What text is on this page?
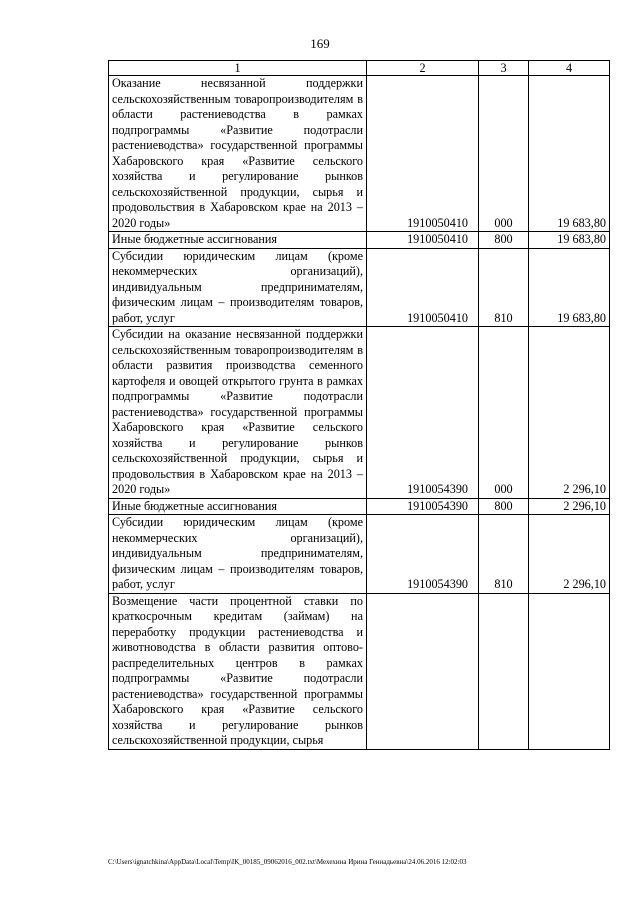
169
1	2	3	4
Оказание несвязанной поддержки сельскохозяйственным товаропроизводителям в области растениеводства в рамках подпрограммы «Развитие подотрасли растениеводства» государственной программы Хабаровского края «Развитие сельского хозяйства и регулирование рынков сельскохозяйственной продукции, сырья и продовольствия в Хабаровском крае на 2013 – 2020 годы»	1910050410	000	19 683,80
Иные бюджетные ассигнования	1910050410	800	19 683,80
Субсидии юридическим лицам (кроме некоммерческих организаций), индивидуальным предпринимателям, физическим лицам – производителям товаров, работ, услуг	1910050410	810	19 683,80
Субсидии на оказание несвязанной поддержки сельскохозяйственным товаропроизводителям в области развития производства семенного картофеля и овощей открытого грунта в рамках подпрограммы «Развитие подотрасли растениеводства» государственной программы Хабаровского края «Развитие сельского хозяйства и регулирование рынков сельскохозяйственной продукции, сырья и продовольствия в Хабаровском крае на 2013 – 2020 годы»	1910054390	000	2 296,10
Иные бюджетные ассигнования	1910054390	800	2 296,10
Субсидии юридическим лицам (кроме некоммерческих организаций), индивидуальным предпринимателям, физическим лицам – производителям товаров, работ, услуг	1910054390	810	2 296,10
Возмещение части процентной ставки по краткосрочным кредитам (займам) на переработку продукции растениеводства и животноводства в области развития оптово-распределительных центров в рамках подпрограммы «Развитие подотрасли растениеводства» государственной программы Хабаровского края «Развитие сельского хозяйства и регулирование рынков сельскохозяйственной продукции, сырья			
C:\Users\ignatchkina\AppData\Local\Temp\IK_00185_09062016_002.txt\Мехехина Ирина Геннадьевна\24.06.2016 12:02:03
